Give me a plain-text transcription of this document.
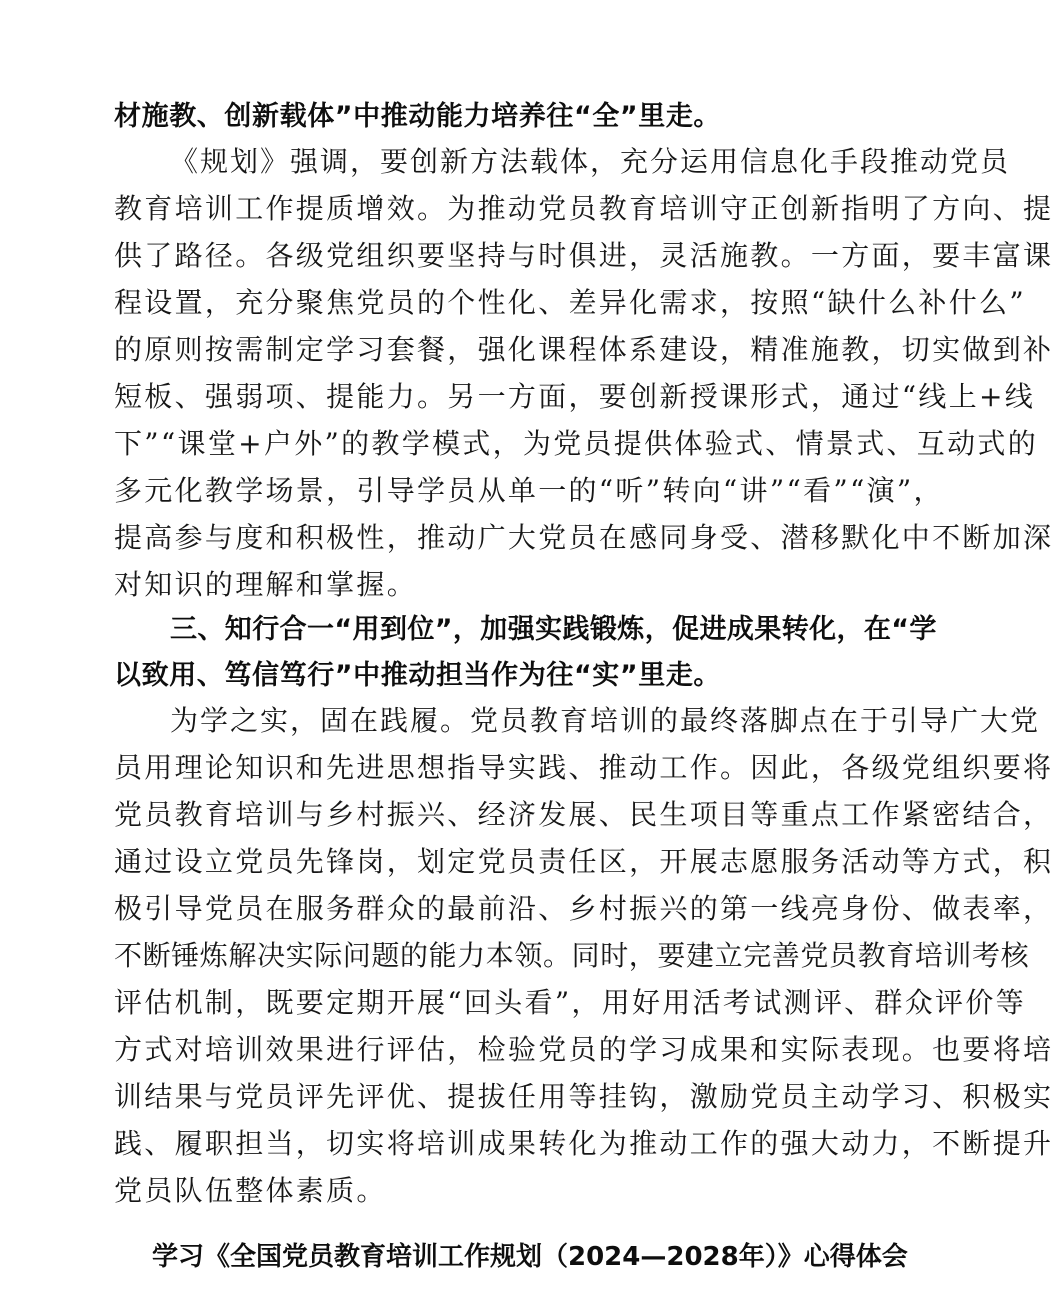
材施教、创新载体”中推动能力培养往“全”里走。
《规划》强调，要创新方法载体，充分运用信息化手段推动党员
教育培训工作提质增效。为推动党员教育培训守正创新指明了方向、提
供了路径。各级党组织要坚持与时俱进，灵活施教。一方面，要丰富课
程设置，充分聚焦党员的个性化、差异化需求，按照“缺什么补什么”
的原则按需制定学习套餐，强化课程体系建设，精准施教，切实做到补
短板、强弱项、提能力。另一方面，要创新授课形式，通过“线上+线
下”“课堂+户外”的教学模式，为党员提供体验式、情景式、互动式的
多元化教学场景，引导学员从单一的“听”转向“讲”“看”“演”，
提高参与度和积极性，推动广大党员在感同身受、潜移默化中不断加深
对知识的理解和掌握。
三、知行合一“用到位”，加强实践锻炼，促进成果转化，在“学
以致用、笃信笃行”中推动担当作为往“实”里走。
为学之实，固在践履。党员教育培训的最终落脚点在于引导广大党
员用理论知识和先进思想指导实践、推动工作。因此，各级党组织要将
党员教育培训与乡村振兴、经济发展、民生项目等重点工作紧密结合，
通过设立党员先锋岗，划定党员责任区，开展志愿服务活动等方式，积
极引导党员在服务群众的最前沿、乡村振兴的第一线亮身份、做表率，
不断锤炼解决实际问题的能力本领。同时，要建立完善党员教育培训考核
评估机制，既要定期开展“回头看”，用好用活考试测评、群众评价等
方式对培训效果进行评估，检验党员的学习成果和实际表现。也要将培
训结果与党员评先评优、提拔任用等挂钩，激励党员主动学习、积极实
践、履职担当，切实将培训成果转化为推动工作的强大动力，不断提升
党员队伍整体素质。
学习《全国党员教育培训工作规划（2024—2028年）》心得体会
